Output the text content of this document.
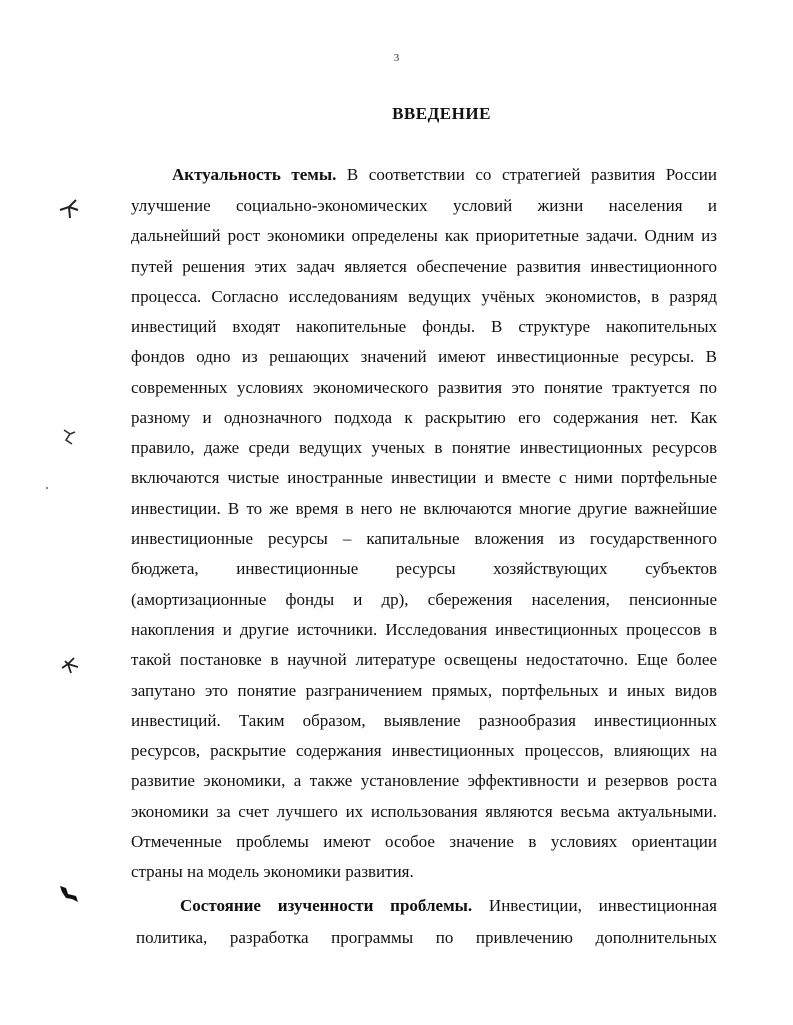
3
ВВЕДЕНИЕ
Актуальность темы. В соответствии со стратегией развития России
улучшение социально-экономических условий жизни населения и
дальнейший рост экономики определены как приоритетные задачи. Одним из
путей решения этих задач является обеспечение развития инвестиционного
процесса. Согласно исследованиям ведущих учёных экономистов, в разряд
инвестиций входят накопительные фонды. В структуре накопительных
фондов одно из решающих значений имеют инвестиционные ресурсы. В
современных условиях экономического развития это понятие трактуется по
разному и однозначного подхода к раскрытию его содержания нет. Как
правило, даже среди ведущих ученых в понятие инвестиционных ресурсов
включаются чистые иностранные инвестиции и вместе с ними портфельные
инвестиции. В то же время в него не включаются многие другие важнейшие
инвестиционные ресурсы – капитальные вложения из государственного
бюджета, инвестиционные ресурсы хозяйствующих субъектов
(амортизационные фонды и др), сбережения населения, пенсионные
накопления и другие источники. Исследования инвестиционных процессов в
такой постановке в научной литературе освещены недостаточно. Еще более
запутано это понятие разграничением прямых, портфельных и иных видов
инвестиций. Таким образом, выявление разнообразия инвестиционных
ресурсов, раскрытие содержания инвестиционных процессов, влияющих на
развитие экономики, а также установление эффективности и резервов роста
экономики за счет лучшего их использования являются весьма актуальными.
Отмеченные проблемы имеют особое значение в условиях ориентации
страны на модель экономики развития.
Состояние изученности проблемы. Инвестиции, инвестиционная
политика, разработка программы по привлечению дополнительных
